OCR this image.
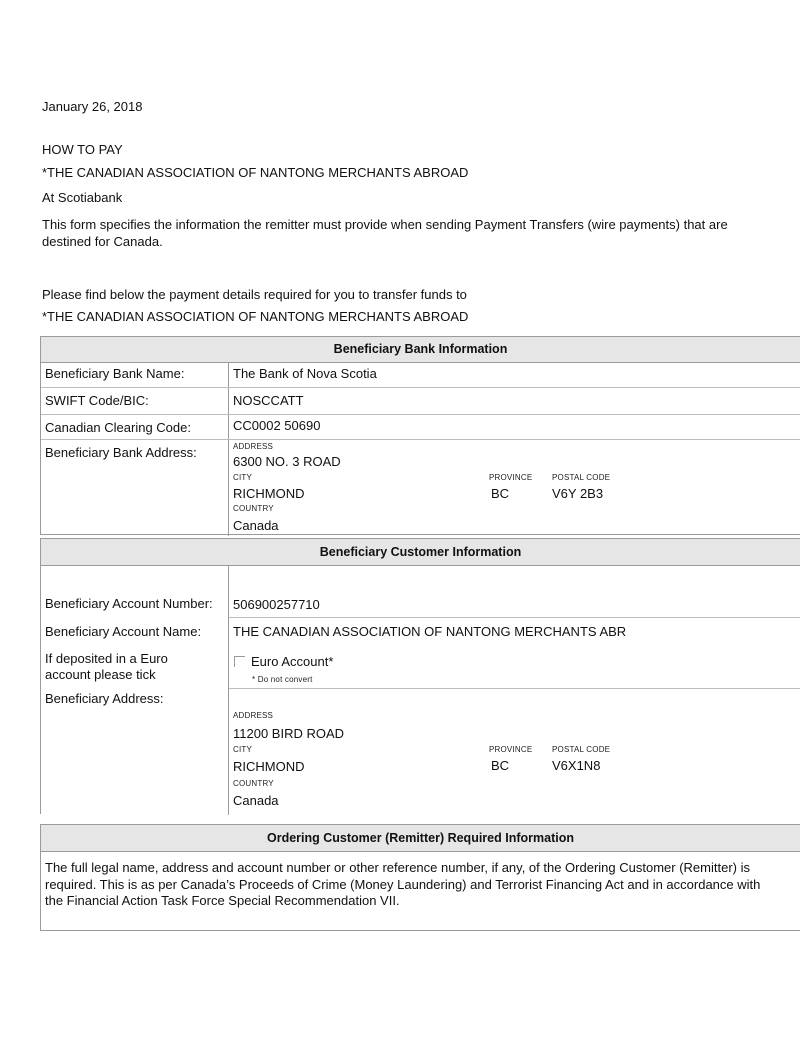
January 26, 2018
HOW TO PAY
*THE CANADIAN ASSOCIATION OF NANTONG MERCHANTS ABROAD
At Scotiabank
This form specifies the information the remitter must provide when sending Payment Transfers (wire payments) that are destined for Canada.
Please find below the payment details required for you to transfer funds to
*THE CANADIAN ASSOCIATION OF NANTONG MERCHANTS ABROAD
Beneficiary Bank Information
Beneficiary Bank Name:	The Bank of Nova Scotia
SWIFT Code/BIC:	NOSCCATT
Canadian Clearing Code:	CC0002 50690
Beneficiary Bank Address:	ADDRESS
6300 NO. 3 ROAD
CITY
RICHMOND
PROVINCE
BC
POSTAL CODE
V6Y 2B3
COUNTRY
Canada
Beneficiary Customer Information
Beneficiary Account Number: 506900257710
Beneficiary Account Name: THE CANADIAN ASSOCIATION OF NANTONG MERCHANTS ABR
If deposited in a Euro
account please tick
Euro Account*
* Do not convert
Beneficiary Address:
ADDRESS
11200 BIRD ROAD
CITY
RICHMOND
PROVINCE
BC
POSTAL CODE
V6X1N8
COUNTRY
Canada
Ordering Customer (Remitter) Required Information
The full legal name, address and account number or other reference number, if any, of the Ordering Customer (Remitter) is required. This is as per Canada’s Proceeds of Crime (Money Laundering) and Terrorist Financing Act and in accordance with the Financial Action Task Force Special Recommendation VII.
